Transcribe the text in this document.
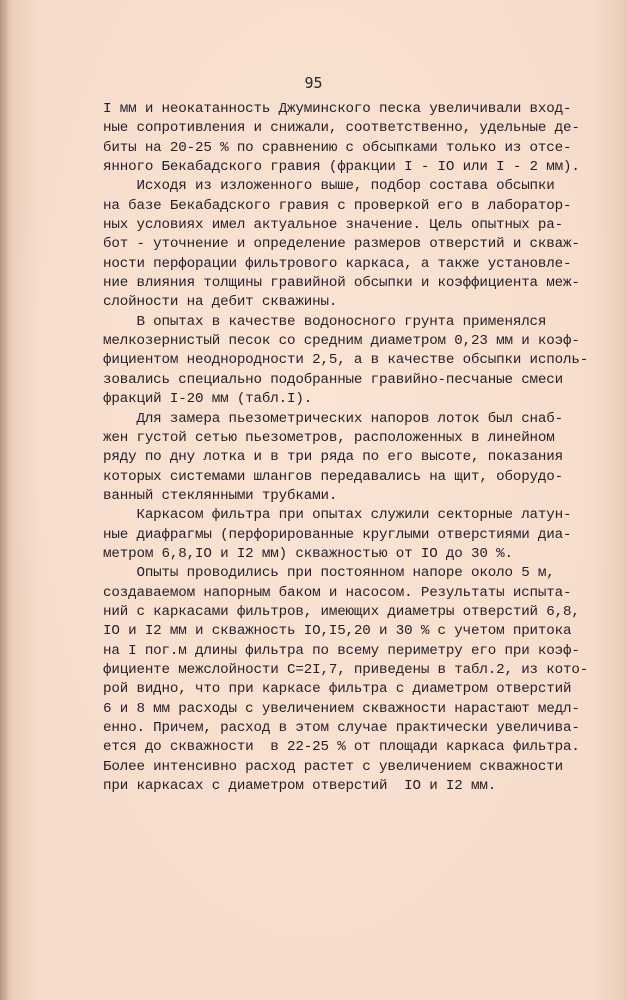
95
I мм и неокатанность Джуминского песка увеличивали вход-
ные сопротивления и снижали, соответственно, удельные де-
биты на 20-25 % по сравнению с обсыпками только из отсе-
янного Бекабадского гравия (фракции I - IO или I - 2 мм).
Исходя из изложенного выше, подбор состава обсыпки
на базе Бекабадского гравия с проверкой его в лаборатор-
ных условиях имел актуальное значение. Цель опытных ра-
бот - уточнение и определение размеров отверстий и сквaж-
ности перфорации фильтрового каркаса, а также установле-
ние влияния толщины гравийной обсыпки и коэффициента меж-
слойности на дебит скважины.
В опытах в качестве водоносного грунта применялся
мелкозернистый песок со средним диаметром 0,23 мм и коэф-
фициентом неоднородности 2,5, а в качестве обсыпки исполь-
зовались специально подобранные гравийно-песчаные смеси
фракций I-20 мм (табл.I).
Для замера пьезометрических напоров лоток был снаб-
жен густой сетью пьезометров, расположенных в линейном
ряду по дну лотка и в три ряда по его высоте, показания
которых системами шлангов передавались на щит, оборудо-
ванный стеклянными трубками.
Каркасом фильтра при опытах служили секторные латун-
ные диафрагмы (перфорированные круглыми отверстиями диа-
метром 6,8,IO и I2 мм) скважностью от IO до 30 %.
Опыты проводились при постоянном напоре около 5 м,
создаваемом напорным баком и насосом. Результаты испыта-
ний с каркасами фильтров, имеющих диаметры отверстий 6,8,
IO и I2 мм и скважность IO,I5,20 и 30 % с учетом притока
на I пог.м длины фильтра по всему периметру его при коэф-
фициенте межслойности С=2I,7, приведены в табл.2, из кото-
рой видно, что при каркасе фильтра с диаметром отверстий
6 и 8 мм расходы с увеличением скважности нарастают медл-
енно. Причем, расход в этом случае практически увеличива-
ется до скважности  в 22-25 % от площади каркаса фильтра.
Более интенсивно расход растет с увеличением скважности
при каркасах с диаметром отверстий  IO и I2 мм.
